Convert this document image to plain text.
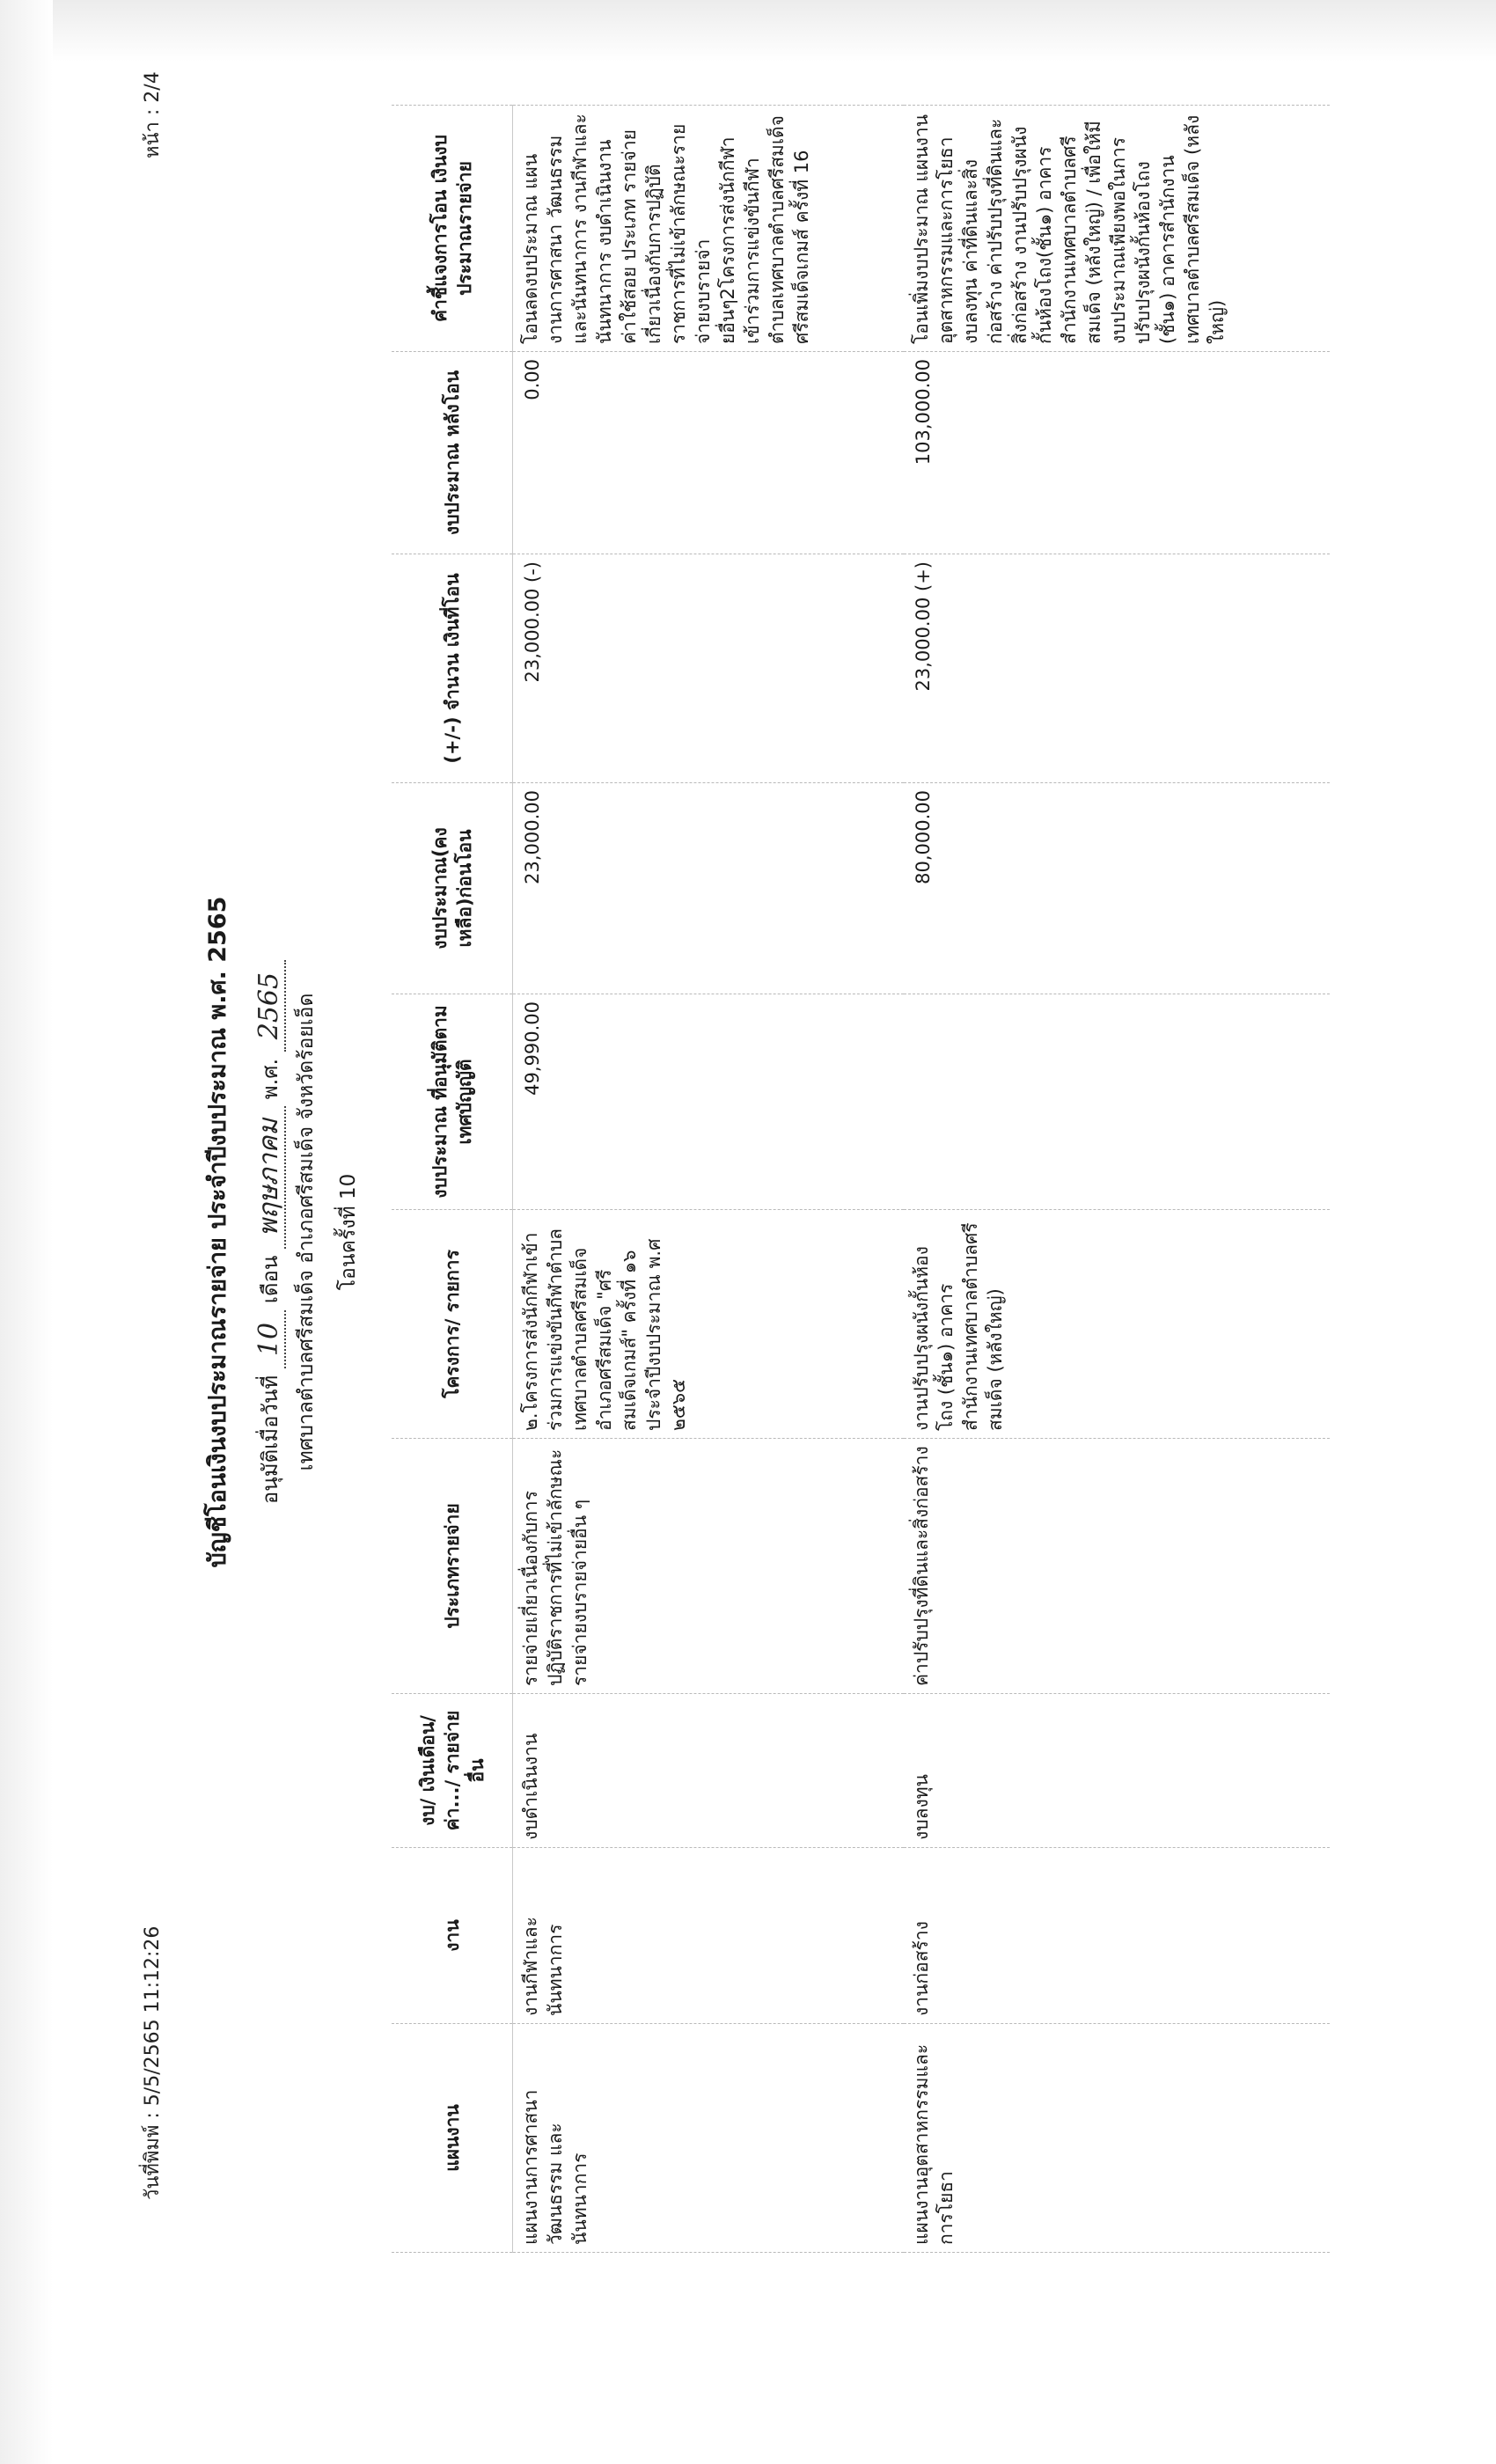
วันที่พิมพ์ : 5/5/2565 11:12:26
หน้า : 2/4
บัญชีโอนเงินงบประมาณรายจ่าย ประจำปีงบประมาณ พ.ศ. 2565	อนุมัติเมื่อวันที่ 10 เดือน พฤษภาคม พ.ศ. 2565 เทศบาลตำบลศรีสมเด็จ อำเภอศรีสมเด็จ จังหวัดร้อยเอ็ด โอนครั้งที่ 10
แผนงาน	งาน	งบ/ เงินเดือน/ ค่า.../ รายจ่ายอื่น	ประเภทรายจ่าย	โครงการ/ รายการ	งบประมาณ ที่อนุมัติตาม เทศบัญญัติ	งบประมาณ(คง เหลือ)ก่อนโอน	(+/-) จำนวน เงินที่โอน	งบประมาณ หลังโอน	คำชี้แจงการโอน เงินงบประมาณรายจ่าย
แผนงานการศาสนา วัฒนธรรม และนันทนาการ	งานกีฬาและนันทนาการ	งบดำเนินงาน	รายจ่ายเกี่ยวเนื่องกับการปฏิบัติราชการที่ไม่เข้าลักษณะรายจ่ายงบรายจ่ายอื่น ๆ	๒.โครงการส่งนักกีฬาเข้าร่วมการแข่งขันกีฬาตำบลเทศบาลตำบลศรีสมเด็จ อำเภอศรีสมเด็จ "ศรีสมเด็จเกมส์" ครั้งที่ ๑๖ ประจำปีงบประมาณ พ.ศ ๒๕๖๕	49,990.00	23,000.00	23,000.00 (-)	0.00	โอนลดงบประมาณ แผนงานการศาสนา วัฒนธรรม และนันทนาการ งานกีฬาและนันทนาการ งบดำเนินงาน ค่าใช้สอย ประเภท รายจ่ายเกี่ยวเนื่องกับการปฏิบัติราชการที่ไม่เข้าลักษณะรายจ่ายงบรายจ่ายอื่นๆ2โครงการส่งนักกีฬาเข้าร่วมการแข่งขันกีฬาตำบลเทศบาลตำบลศรีสมเด็จ ศรีสมเด็จเกมส์ ครั้งที่ 16
แผนงานอุตสาหกรรมและการโยธา	งานก่อสร้าง	งบลงทุน	ค่าปรับปรุงที่ดินและสิ่งก่อสร้าง	งานปรับปรุงผนังกั้นห้องโถง (ชั้น๑) อาคารสำนักงานเทศบาลตำบลศรีสมเด็จ (หลังใหญ่)		80,000.00	23,000.00 (+)	103,000.00	โอนเพิ่มงบประมาณ แผนงานอุตสาหกรรมและการโยธา งบลงทุน ค่าที่ดินและสิ่งก่อสร้าง ค่าปรับปรุงที่ดินและสิ่งก่อสร้าง งานปรับปรุงผนังกั้นห้องโถง(ชั้น๑) อาคารสำนักงานเทศบาลตำบลศรีสมเด็จ (หลังใหญ่) / เพื่อให้มีงบประมาณเพียงพอในการปรับปรุงผนังกั้นห้องโถง (ชั้น๑) อาคารสำนักงานเทศบาลตำบลศรีสมเด็จ (หลังใหญ่)
